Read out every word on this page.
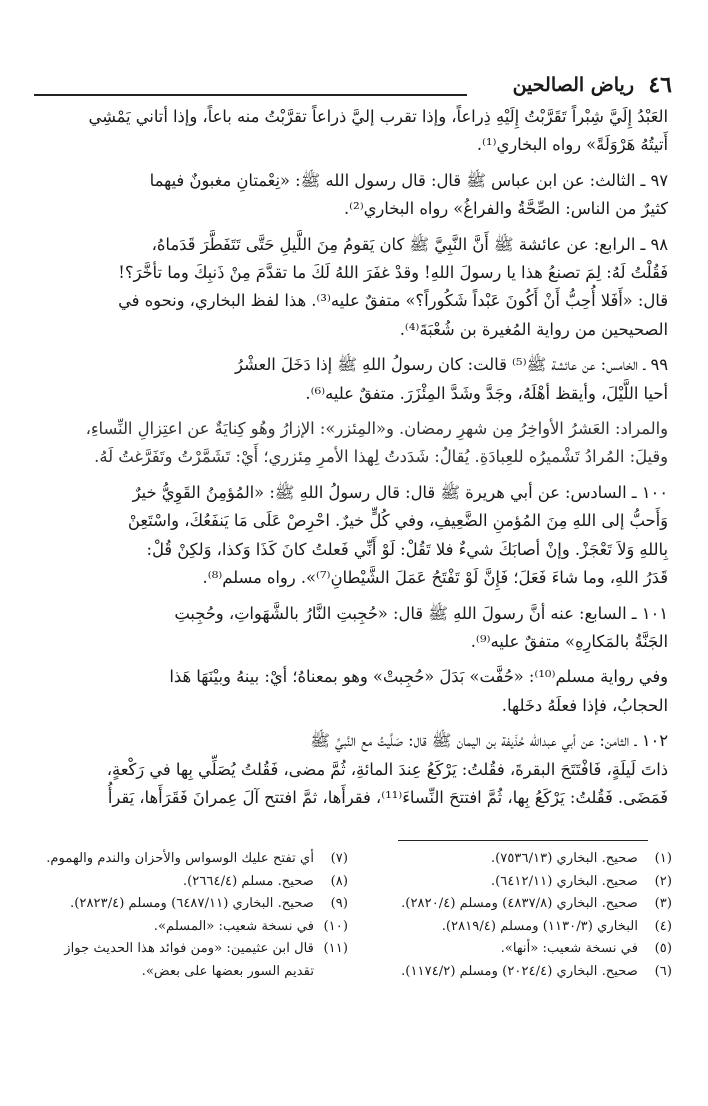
٤٦
رياض الصالحين

العَبْدُ إِلَيَّ شِبْراً تَقَرَّبْتُ إِلَيْهِ ذِراعاً، وإذا تقرب إليَّ ذراعاً تقرَّبْتُ منه باعاً، وإذا أتاني يَمْشِي

أَتيتُهُ هَرْوَلَةً» رواه البخاري⁽¹⁾.

٩٧ ـ الثالث: عن ابن عباس ﷺ قال: قال رسول الله ﷺ: «نِعْمتانِ مغبونٌ فيهما

كثيرٌ من الناس: الصِّحَّةُ والفراغُ» رواه البخاري⁽²⁾.

٩٨ ـ الرابع: عن عائشة ﷺ أَنَّ النَّبِيَّ ﷺ كان يَقومُ مِنَ اللَّيلِ حَتَّى تَتَفَطَّرَ قَدَماهُ،

فَقُلْتُ لَهُ: لِمَ تصنعُ هذا يا رسولَ اللهِ! وقدْ غفَرَ اللهُ لَكَ ما تقدَّمَ مِنْ ذَنبِكَ وما تأخَّرَ؟!

قال: «أَفَلا أُحِبُّ أَنْ أَكُونَ عَبْداً شَكُوراً؟» متفقٌ عليه⁽³⁾. هذا لفظ البخاري، ونحوه في

الصحيحين من رواية المُغيرة بن شُعْبَةَ⁽⁴⁾.

٩٩ ـ الخامس: عن عائشة ﷺ⁽⁵⁾ قالت: كان رسولُ اللهِ ﷺ إذا دَخَلَ العشْرُ

أحيا اللَّيْلَ، وأيقظ أهْلَهُ، وجَدَّ وشَدَّ المِئْزَرَ. متفقٌ عليه⁽⁶⁾.

والمراد: العَشرُ الأواخِرُ مِن شهرِ رمضان. و«المِئزر»: الإزارُ وهُو كِنايَةٌ عن اعتِزالِ النِّساءِ،

وقيلَ: المُرادُ تَشْميرُه للعِبادَةِ. يُقالُ: شَدَدتُ لِهذا الأمرِ مِئزري؛ أَيْ: تَشَمَّرْتُ وتَفَرَّغتُ لَهُ.

١٠٠ ـ السادس: عن أبي هريرة ﷺ قال: قال رسولُ اللهِ ﷺ: «المُؤمِنُ القَوِيُّ خيرٌ

وَأَحبُّ إلى اللهِ مِنَ المُؤمنِ الضَّعِيفِ، وفي كُلٍّ خيرٌ. احْرِصْ عَلَى مَا يَنفَعُكَ، واسْتَعِنْ

بِاللهِ وَلاَ تَعْجَزْ. وإنْ أصابَكَ شيءٌ فلا تَقُلْ: لَوْ أَنِّي فَعلتُ كانَ كَذَا وَكذا، وَلكِنْ قُلْ:

قَدَرُ اللهِ، وما شاءَ فَعَلَ؛ فَإِنَّ لَوْ تَفْتَحُ عَمَلَ الشَّيْطانِ⁽⁷⁾». رواه مسلم⁽⁸⁾.

١٠١ ـ السابع: عنه أنَّ رسولَ اللهِ ﷺ قال: «حُجِبتِ النَّارُ بالشَّهَواتِ، وحُجِبتِ

الجَنَّةُ بالمَكارِهِ» متفقٌ عليه⁽⁹⁾.

وفي رواية مسلم⁽¹⁰⁾: «حُفَّت» بَدَلَ «حُجِبتْ» وهو بمعناهُ؛ أيْ: بينهُ وبيْنَهَا هَذا

الحجابُ، فإذا فعلَهُ دخَلها.

١٠٢ ـ الثامن: عن أبي عبدالله حُذَيفة بن اليمان ﷺ قال: صَلَّيتُ مع النَّبيِّ ﷺ

ذاتَ لَيلَةٍ، فَافْتَتَحَ البقرةَ، فقُلتُ: يَرْكَعُ عِندَ المائةِ، ثُمَّ مضى، فَقُلتُ يُصَلِّي بِها في رَكْعةٍ،

فَمَضَى. فَقُلتُ: يَرْكَعُ بِها، ثُمَّ افتتحَ النِّساءَ⁽¹¹⁾، فقرأَها، ثمَّ افتتح آلَ عِمرانَ فَقَرَأَها، يَقرأُ

(١)
صحيح. البخاري (٧٥٣٦/١٣).
(٢)
صحيح. البخاري (٦٤١٢/١١).
(٣)
صحيح. البخاري (٤٨٣٧/٨) ومسلم (٢٨٢٠/٤).
(٤)
البخاري (١١٣٠/٣) ومسلم (٢٨١٩/٤).
(٥)
في نسخة شعيب: «أنها».
(٦)
صحيح. البخاري (٢٠٢٤/٤) ومسلم (١١٧٤/٢).
(٧)
أي تفتح عليك الوسواس والأحزان والندم والهموم.
(٨)
صحيح. مسلم (٢٦٦٤/٤).
(٩)
صحيح. البخاري (٦٤٨٧/١١) ومسلم (٢٨٢٣/٤).
(١٠)
في نسخة شعيب: «المسلم».
(١١)
قال ابن عثيمين: «ومن فوائد هذا الحديث جواز تقديم السور بعضها على بعض».
